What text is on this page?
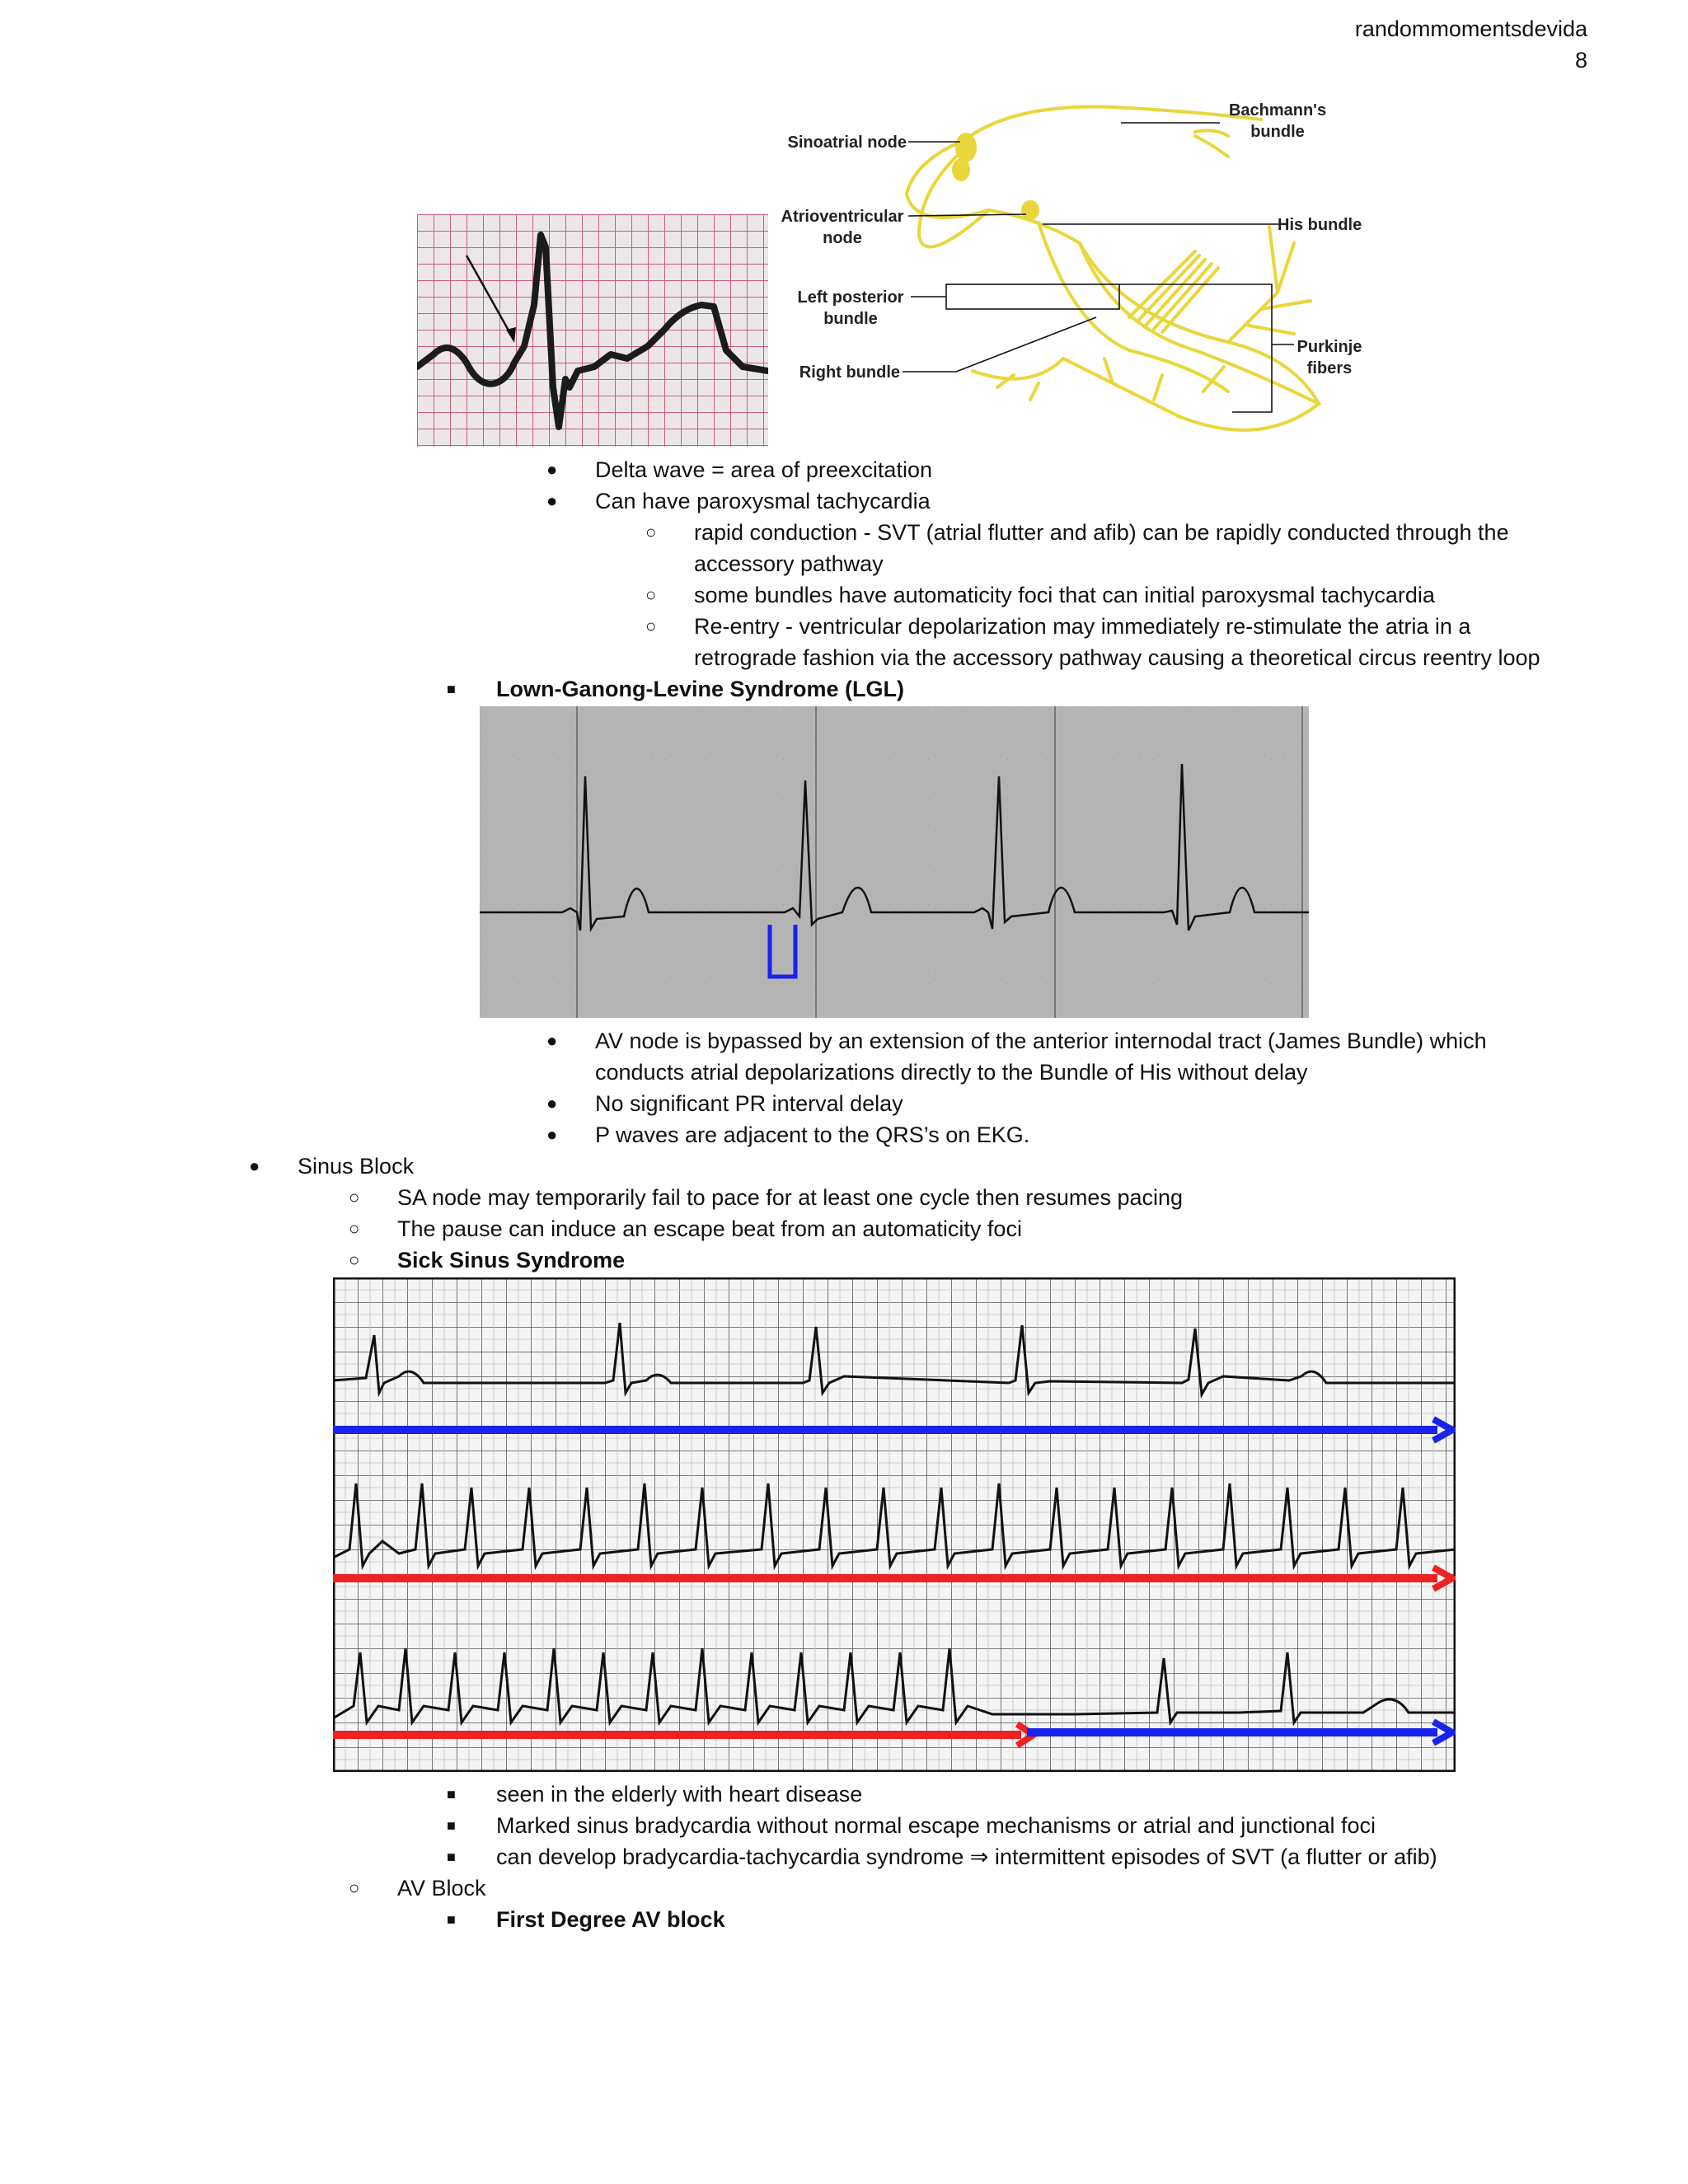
randommomentsdevida
8
Sinoatrial node
Bachmann's
bundle
Atrioventricular
node
His bundle
Left posterior
bundle
Purkinje
fibers
Right bundle
● Delta wave = area of preexcitation
● Can have paroxysmal tachycardia
○ rapid conduction - SVT (atrial flutter and afib) can be rapidly conducted through the
accessory pathway
○ some bundles have automaticity foci that can initial paroxysmal tachycardia
○ Re-entry - ventricular depolarization may immediately re-stimulate the atria in a
retrograde fashion via the accessory pathway causing a theoretical circus reentry loop
■ Lown-Ganong-Levine Syndrome (LGL)
● AV node is bypassed by an extension of the anterior internodal tract (James Bundle) which
conducts atrial depolarizations directly to the Bundle of His without delay
● No significant PR interval delay
● P waves are adjacent to the QRS’s on EKG.
● Sinus Block
○ SA node may temporarily fail to pace for at least one cycle then resumes pacing
○ The pause can induce an escape beat from an automaticity foci
○ Sick Sinus Syndrome
■ seen in the elderly with heart disease
■ Marked sinus bradycardia without normal escape mechanisms or atrial and junctional foci
■ can develop bradycardia-tachycardia syndrome ⇒ intermittent episodes of SVT (a flutter or afib)
○ AV Block
■ First Degree AV block
